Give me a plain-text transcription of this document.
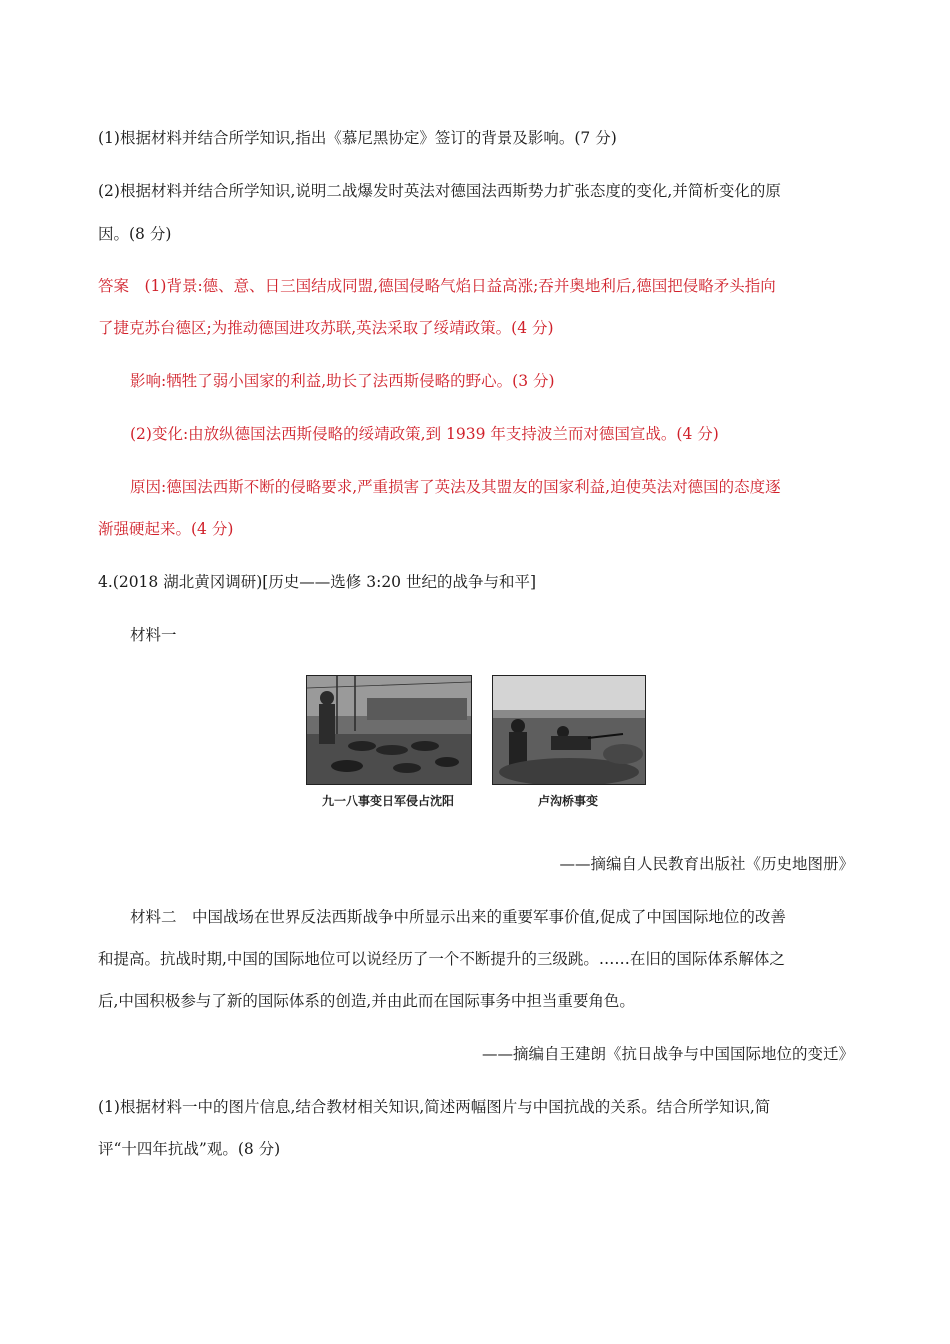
(1)根据材料并结合所学知识,指出《慕尼黑协定》签订的背景及影响。(7 分)
(2)根据材料并结合所学知识,说明二战爆发时英法对德国法西斯势力扩张态度的变化,并简析变化的原
因。(8 分)
答案　(1)背景:德、意、日三国结成同盟,德国侵略气焰日益高涨;吞并奥地利后,德国把侵略矛头指向
了捷克苏台德区;为推动德国进攻苏联,英法采取了绥靖政策。(4 分)
影响:牺牲了弱小国家的利益,助长了法西斯侵略的野心。(3 分)
(2)变化:由放纵德国法西斯侵略的绥靖政策,到 1939 年支持波兰而对德国宣战。(4 分)
原因:德国法西斯不断的侵略要求,严重损害了英法及其盟友的国家利益,迫使英法对德国的态度逐
渐强硬起来。(4 分)
4.(2018 湖北黄冈调研)[历史——选修 3:20 世纪的战争与和平]
材料一
九一八事变日军侵占沈阳	卢沟桥事变
——摘编自人民教育出版社《历史地图册》
材料二　中国战场在世界反法西斯战争中所显示出来的重要军事价值,促成了中国国际地位的改善
和提高。抗战时期,中国的国际地位可以说经历了一个不断提升的三级跳。……在旧的国际体系解体之
后,中国积极参与了新的国际体系的创造,并由此而在国际事务中担当重要角色。
——摘编自王建朗《抗日战争与中国国际地位的变迁》
(1)根据材料一中的图片信息,结合教材相关知识,简述两幅图片与中国抗战的关系。结合所学知识,简
评“十四年抗战”观。(8 分)
